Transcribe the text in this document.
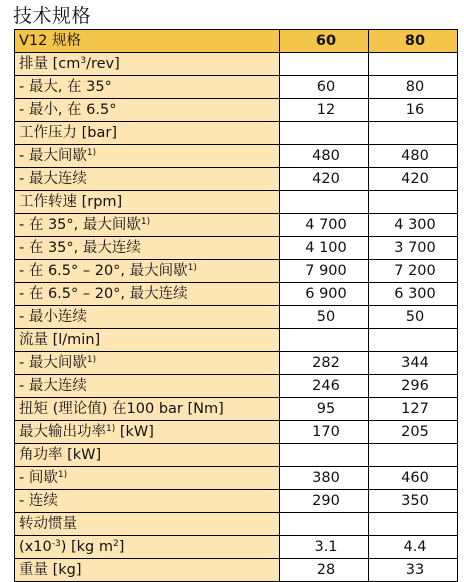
技术规格
V12 规格	60	80
排量 $[cm^3/rev]$		
- 最大, 在 35°	60	80
- 最小, 在 6.5°	12	16
工作压力 [bar]		
- 最大间歇$^{1)}$	480	480
- 最大连续	420	420
工作转速 [rpm]		
- 在 35°, 最大间歇$^{1)}$	4 700	4 300
- 在 35°, 最大连续	4 100	3 700
- 在 6.5° – 20°, 最大间歇$^{1)}$	7 900	7 200
- 在 6.5° – 20°, 最大连续	6 900	6 300
- 最小连续	50	50
流量 [l/min]		
- 最大间歇$^{1)}$	282	344
- 最大连续	246	296
扭矩 (理论值) 在100 bar [Nm]	95	127
最大输出功率$^{1)}$ [kW]	170	205
角功率 [kW]		
- 间歇$^{1)}$	380	460
- 连续	290	350
转动惯量		
$(x10^{-3})$ [kg $m^2$]	3.1	4.4
重量 [kg]	28	33
